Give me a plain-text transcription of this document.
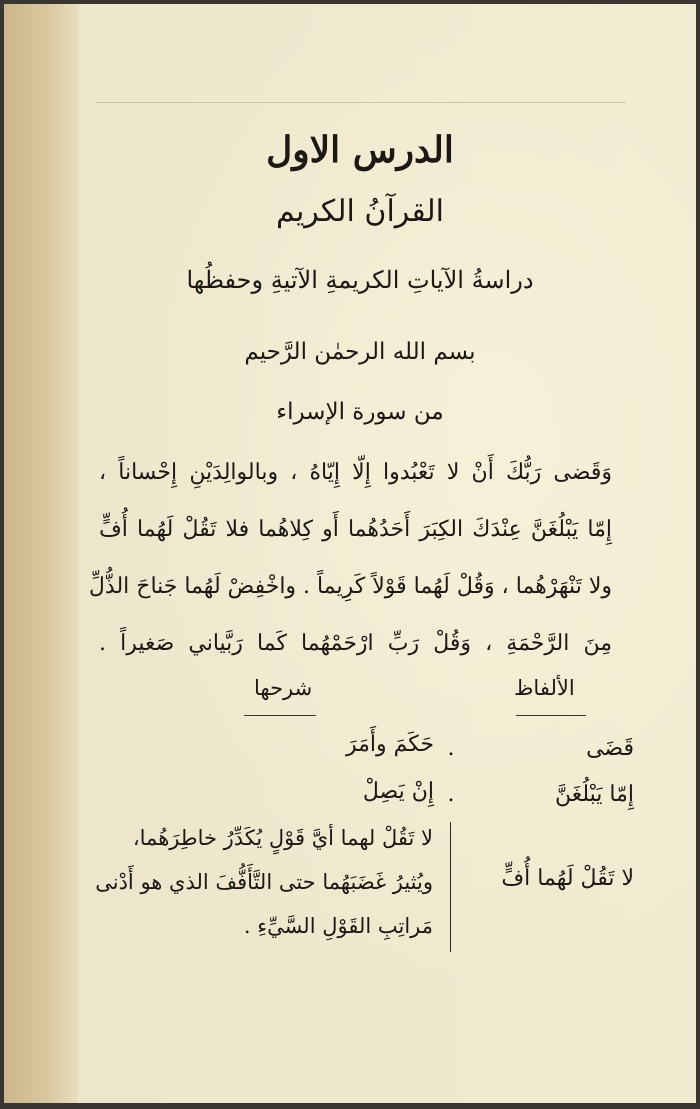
الدرس الاول
القرآنُ الكريم
دراسةُ الآياتِ الكريمةِ الآتيةِ وحفظُها
بسم الله الرحمٰن الرَّحيم
من سورة الإسراء
وَقَضى رَبُّكَ أَنْ لا تَعْبُدوا إِلّا إِيّاهُ ، وبالوالِدَيْنِ إِحْساناً ،
إِمّا يَبْلُغَنَّ عِنْدَكَ الكِبَرَ أَحَدُهُما أَو كِلاهُما فلا تَقُلْ لَهُما أُفٍّ
ولا تَنْهَرْهُما ، وَقُلْ لَهُما قَوْلاً كَرِيماً . واخْفِضْ لَهُما جَناحَ الذُّلِّ
مِنَ الرَّحْمَةِ ، وَقُلْ رَبِّ ارْحَمْهُما كَما رَبَّياني صَغيراً .
الألفاظ
شرحها
قَضَى
.
حَكَمَ وأَمَرَ
إِمّا يَبْلُغَنَّ
.
إِنْ يَصِلْ
لا تَقُلْ لَهُما أُفٍّ
لا تَقُلْ لهما أيَّ قَوْلٍ يُكَدِّرُ خاطِرَهُما،
ويُثيرُ غَضَبَهُما حتى التَّأَفُّفَ الذي هو أَدْنى
مَراتِبِ القَوْلِ السَّيِّءِ .
